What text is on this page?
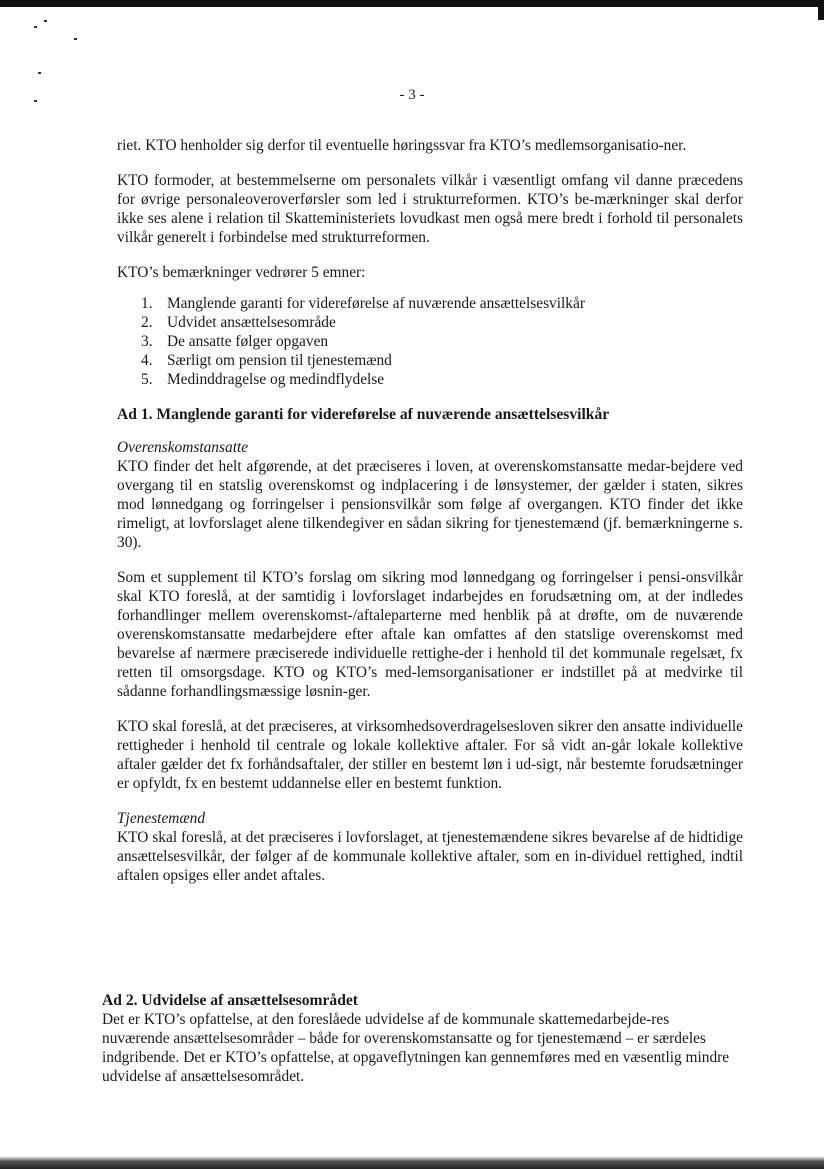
- 3 -

riet. KTO henholder sig derfor til eventuelle høringssvar fra KTO’s medlemsorganisatio-ner.

KTO formoder, at bestemmelserne om personalets vilkår i væsentligt omfang vil danne præcedens for øvrige personaleoveroverførsler som led i strukturreformen. KTO’s be-mærkninger skal derfor ikke ses alene i relation til Skatteministeriets lovudkast men også mere bredt i forhold til personalets vilkår generelt i forbindelse med strukturreformen.

KTO’s bemærkninger vedrører 5 emner:

1. Manglende garanti for videreførelse af nuværende ansættelsesvilkår
2. Udvidet ansættelsesområde
3. De ansatte følger opgaven
4. Særligt om pension til tjenestemænd
5. Medinddragelse og medindflydelse
Ad 1. Manglende garanti for videreførelse af nuværende ansættelsesvilkår
Overenskomstansatte

KTO finder det helt afgørende, at det præciseres i loven, at overenskomstansatte medar-bejdere ved overgang til en statslig overenskomst og indplacering i de lønsystemer, der gælder i staten, sikres mod lønnedgang og forringelser i pensionsvilkår som følge af overgangen. KTO finder det ikke rimeligt, at lovforslaget alene tilkendegiver en sådan sikring for tjenestemænd (jf. bemærkningerne s. 30).

Som et supplement til KTO’s forslag om sikring mod lønnedgang og forringelser i pensi-onsvilkår skal KTO foreslå, at der samtidig i lovforslaget indarbejdes en forudsætning om, at der indledes forhandlinger mellem overenskomst-/aftaleparterne med henblik på at drøfte, om de nuværende overenskomstansatte medarbejdere efter aftale kan omfattes af den statslige overenskomst med bevarelse af nærmere præciserede individuelle rettighe-der i henhold til det kommunale regelsæt, fx retten til omsorgsdage. KTO og KTO’s med-lemsorganisationer er indstillet på at medvirke til sådanne forhandlingsmæssige løsnin-ger.

KTO skal foreslå, at det præciseres, at virksomhedsoverdragelsesloven sikrer den ansatte individuelle rettigheder i henhold til centrale og lokale kollektive aftaler. For så vidt an-går lokale kollektive aftaler gælder det fx forhåndsaftaler, der stiller en bestemt løn i ud-sigt, når bestemte forudsætninger er opfyldt, fx en bestemt uddannelse eller en bestemt funktion.

Tjenestemænd

KTO skal foreslå, at det præciseres i lovforslaget, at tjenestemændene sikres bevarelse af de hidtidige ansættelsesvilkår, der følger af de kommunale kollektive aftaler, som en in-dividuel rettighed, indtil aftalen opsiges eller andet aftales.

Ad 2. Udvidelse af ansættelsesområdet

Det er KTO’s opfattelse, at den foreslåede udvidelse af de kommunale skattemedarbejde-res nuværende ansættelsesområder – både for overenskomstansatte og for tjenestemænd – er særdeles indgribende. Det er KTO’s opfattelse, at opgaveflytningen kan gennemføres med en væsentlig mindre udvidelse af ansættelsesområdet.
